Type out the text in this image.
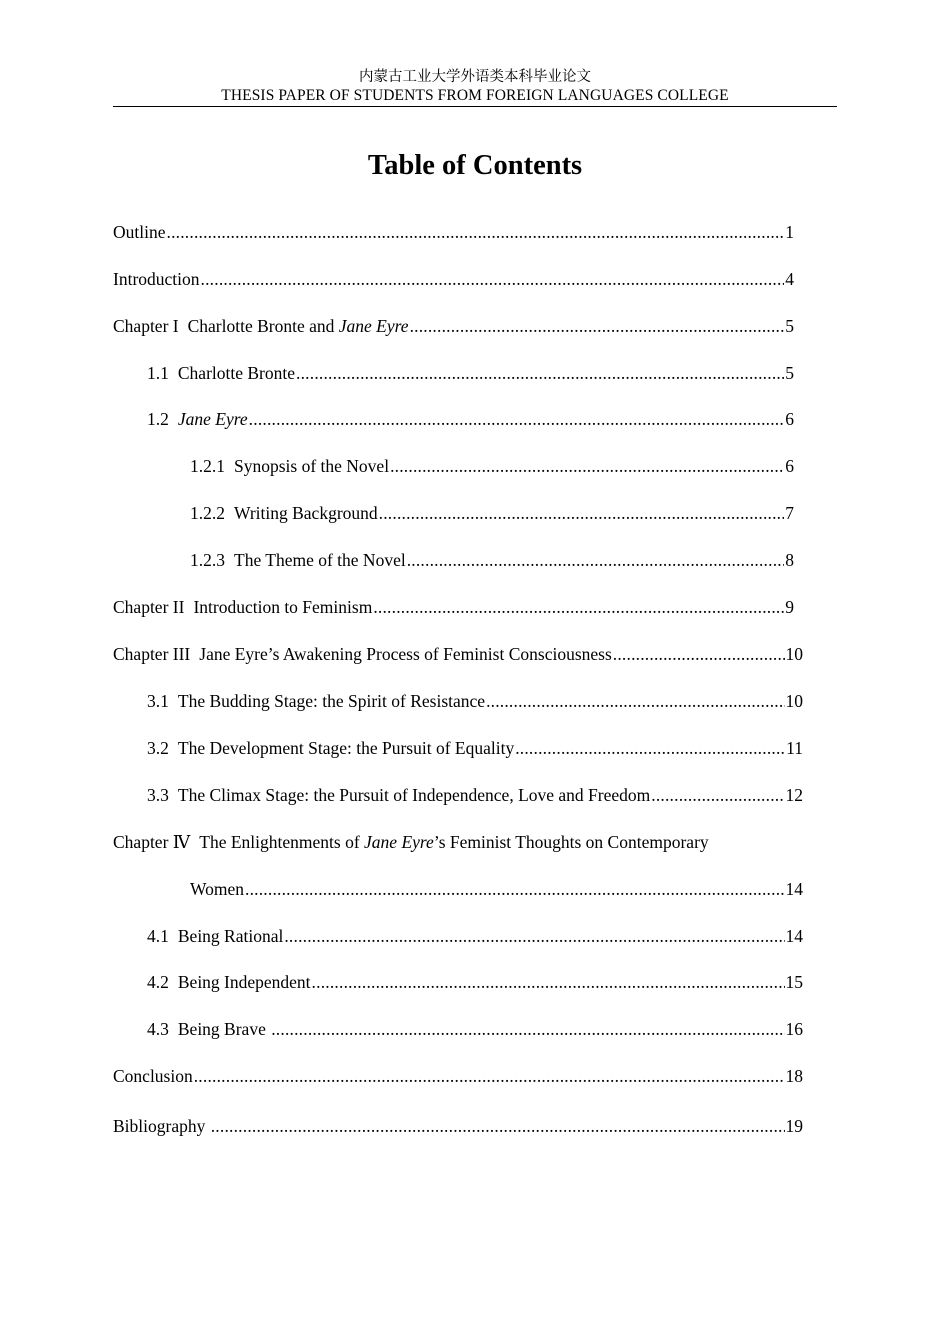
内蒙古工业大学外语类本科毕业论文
THESIS PAPER OF STUDENTS FROM FOREIGN LANGUAGES COLLEGE
Table of Contents
Outline .....	1
Introduction .....	4
Chapter I Charlotte Bronte and Jane Eyre .....	5
1.1 Charlotte Bronte .....	5
1.2 Jane Eyre .....	6
1.2.1 Synopsis of the Novel .....	6
1.2.2 Writing Background .....	7
1.2.3 The Theme of the Novel .....	8
Chapter II Introduction to Feminism .....	9
Chapter III Jane Eyre’s Awakening Process of Feminist Consciousness .....	10
3.1 The Budding Stage: the Spirit of Resistance .....	10
3.2 The Development Stage: the Pursuit of Equality .....	11
3.3 The Climax Stage: the Pursuit of Independence, Love and Freedom .....	12
Chapter Ⅳ The Enlightenments of Jane Eyre’s Feminist Thoughts on Contemporary
Women .....	14
4.1 Being Rational .....	14
4.2 Being Independent .....	15
4.3 Being Brave .....	16
Conclusion .....	18
Bibliography .....	19
